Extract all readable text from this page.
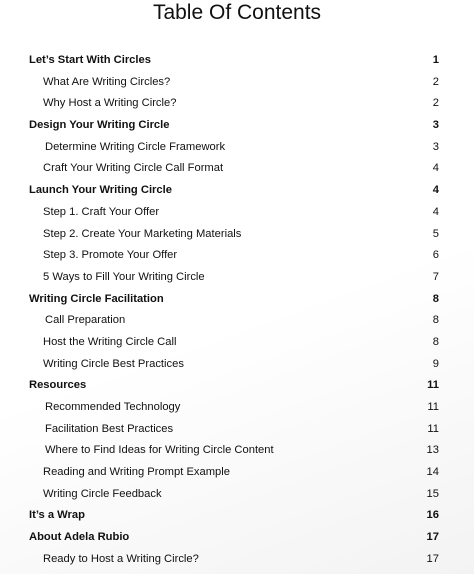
Table Of Contents
Let’s Start With Circles	1
What Are Writing Circles?	2
Why Host a Writing Circle?	2
Design Your Writing Circle	3
Determine Writing Circle Framework	3
Craft Your Writing Circle Call Format	4
Launch Your Writing Circle	4
Step 1. Craft Your Offer	4
Step 2. Create Your Marketing Materials	5
Step 3. Promote Your Offer	6
5 Ways to Fill Your Writing Circle	7
Writing Circle Facilitation	8
Call Preparation	8
Host the Writing Circle Call	8
Writing Circle Best Practices	9
Resources	11
Recommended Technology	11
Facilitation Best Practices	11
Where to Find Ideas for Writing Circle Content	13
Reading and Writing Prompt Example	14
Writing Circle Feedback	15
It’s a Wrap	16
About Adela Rubio	17
Ready to Host a Writing Circle?	17
